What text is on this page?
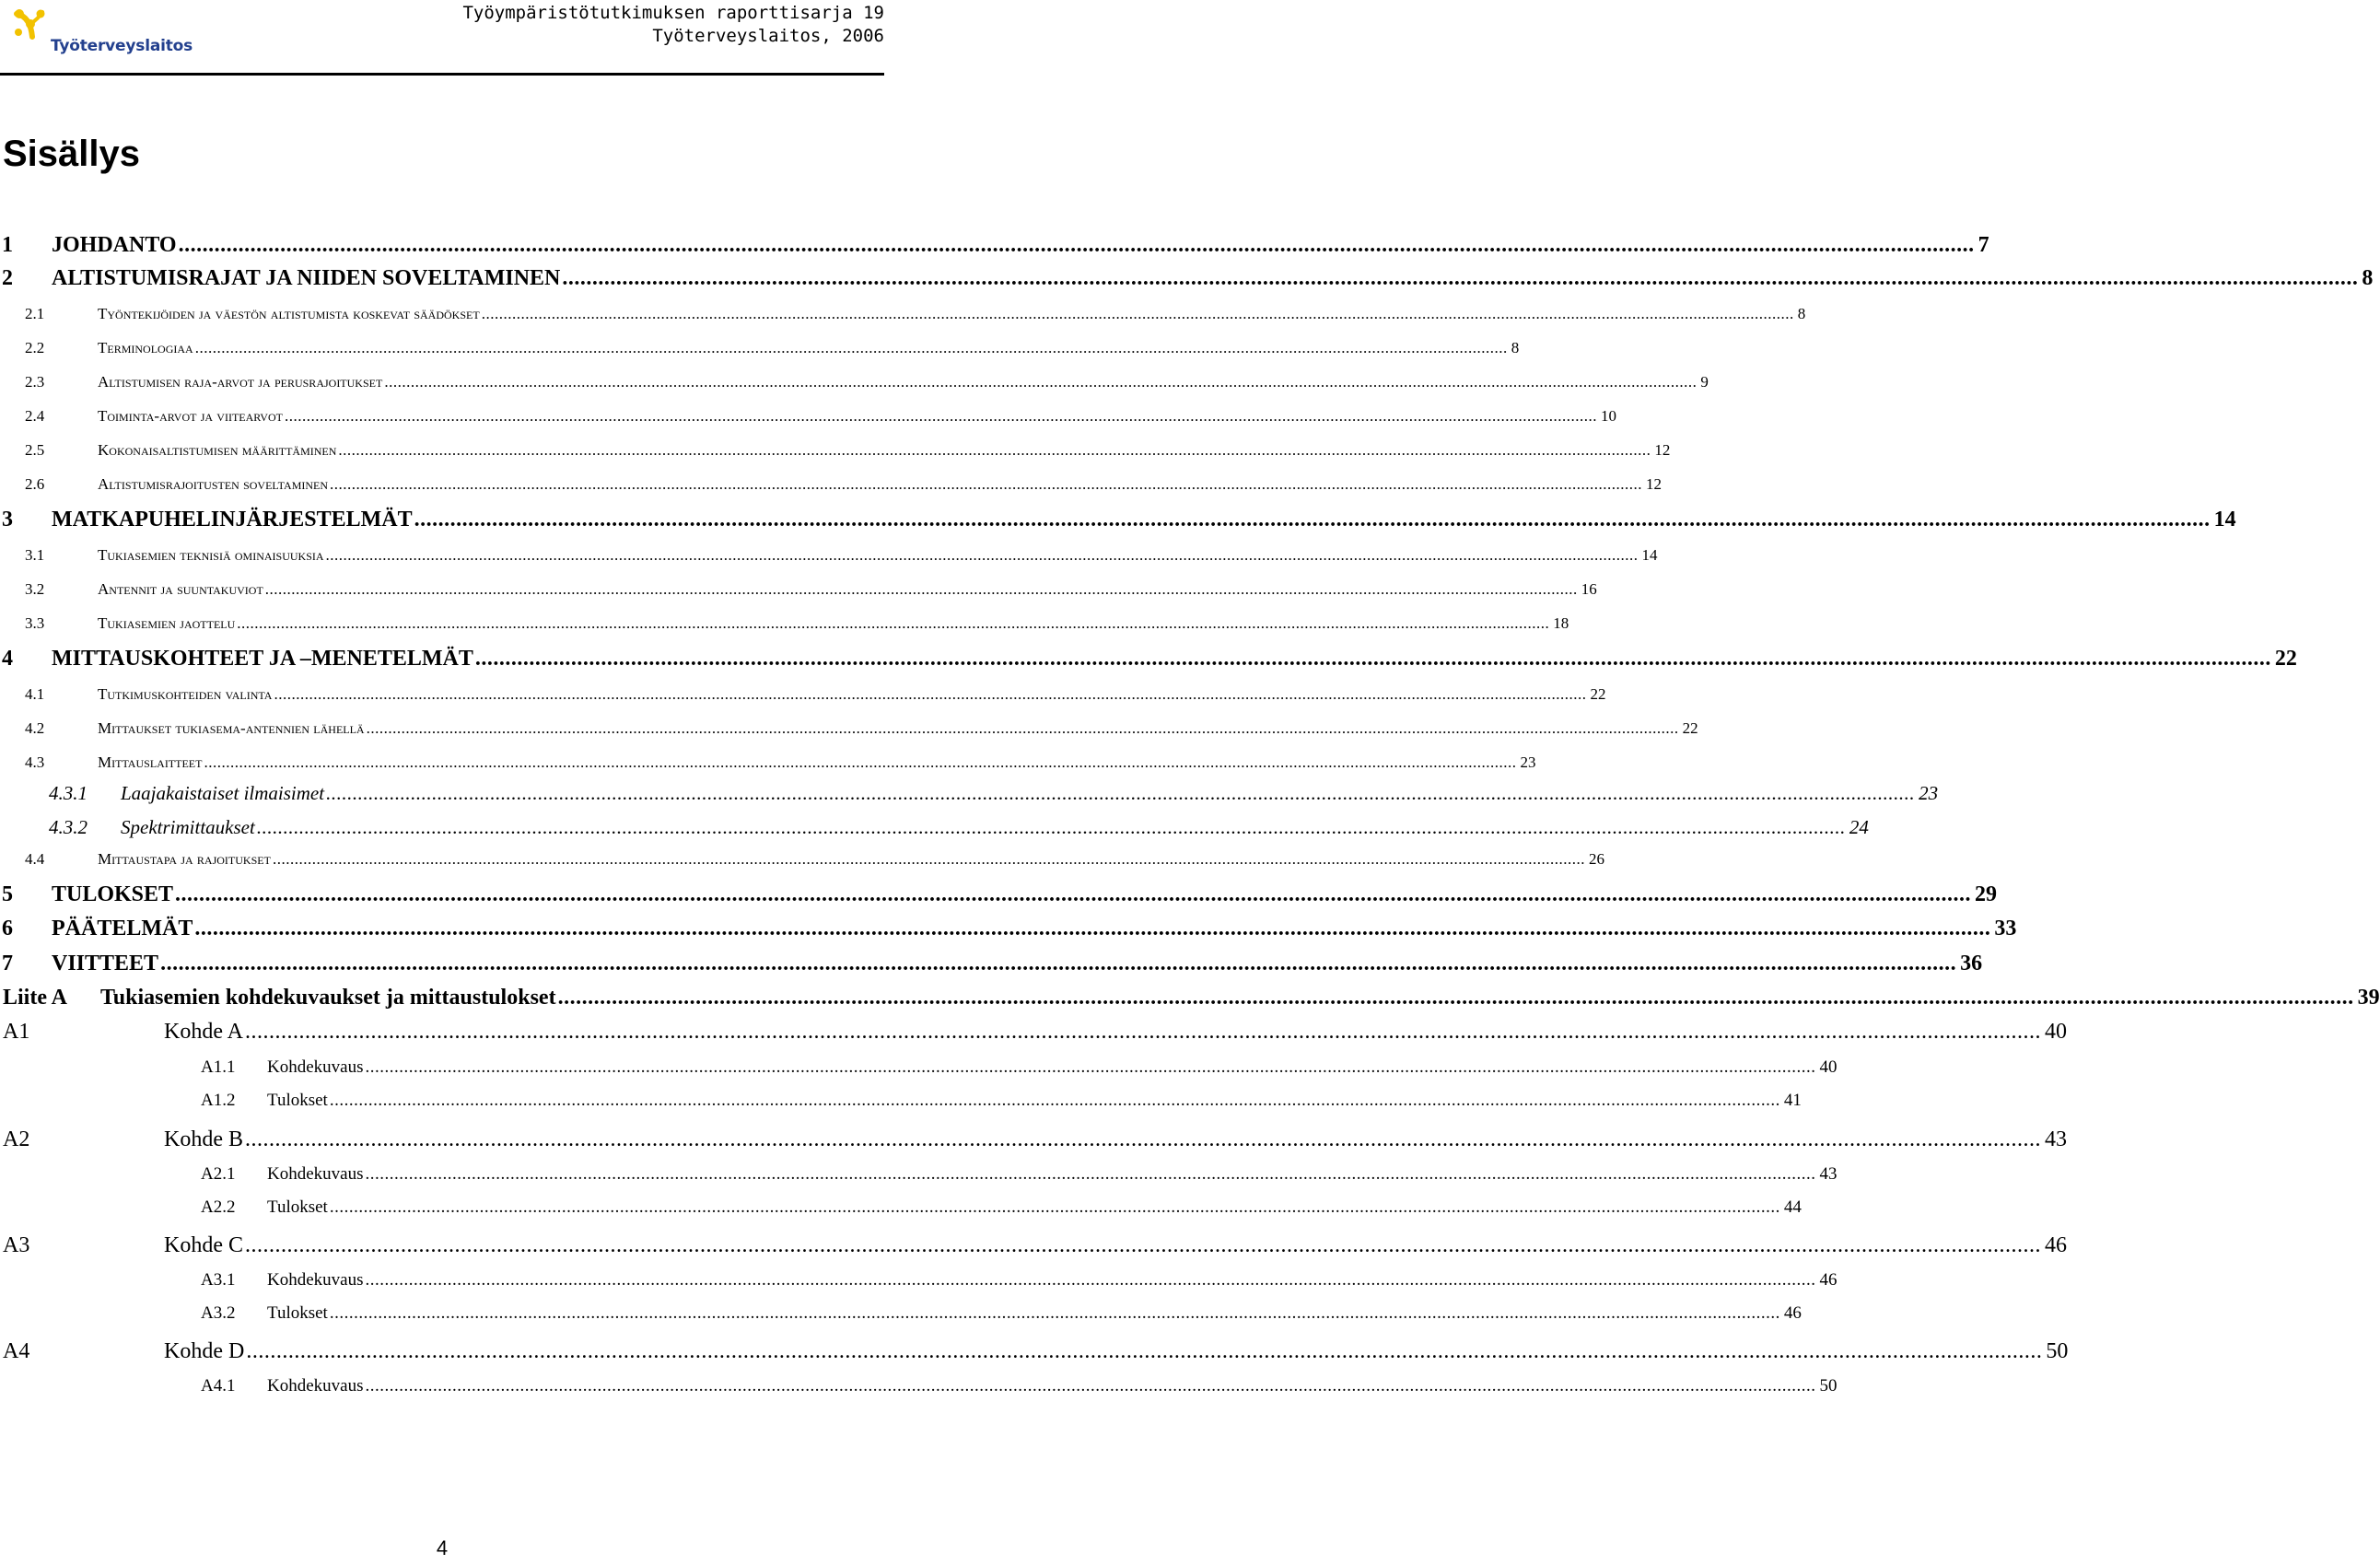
Työterveyslaitos
Työympäristötutkimuksen raporttisarja 19
Työterveyslaitos, 2006
Sisällys
1	JOHDANTO ............................................................................................................................................................................................................................................................................................................ 7
2	ALTISTUMISRAJAT JA NIIDEN SOVELTAMINEN ............................................................................................................................................................................................................................................................................................................ 8
2.1	Työntekijöiden ja väestön altistumista koskevat säädökset ............................................................................................................................................................................................................................................................................................................ 8
2.2	Terminologiaa ............................................................................................................................................................................................................................................................................................................ 8
2.3	Altistumisen raja-arvot ja perusrajoitukset ............................................................................................................................................................................................................................................................................................................ 9
2.4	Toiminta-arvot ja viitearvot ............................................................................................................................................................................................................................................................................................................ 10
2.5	Kokonaisaltistumisen määrittäminen ............................................................................................................................................................................................................................................................................................................ 12
2.6	Altistumisrajoitusten soveltaminen ............................................................................................................................................................................................................................................................................................................ 12
3	MATKAPUHELINJÄRJESTELMÄT ............................................................................................................................................................................................................................................................................................................ 14
3.1	Tukiasemien teknisiä ominaisuuksia ............................................................................................................................................................................................................................................................................................................ 14
3.2	Antennit ja suuntakuviot ............................................................................................................................................................................................................................................................................................................ 16
3.3	Tukiasemien jaottelu ............................................................................................................................................................................................................................................................................................................ 18
4	MITTAUSKOHTEET JA –MENETELMÄT ............................................................................................................................................................................................................................................................................................................ 22
4.1	Tutkimuskohteiden valinta ............................................................................................................................................................................................................................................................................................................ 22
4.2	Mittaukset tukiasema-antennien lähellä ............................................................................................................................................................................................................................................................................................................ 22
4.3	Mittauslaitteet ............................................................................................................................................................................................................................................................................................................ 23
4.3.1	Laajakaistaiset ilmaisimet ............................................................................................................................................................................................................................................................................................................ 23
4.3.2	Spektrimittaukset ............................................................................................................................................................................................................................................................................................................ 24
4.4	Mittaustapa ja rajoitukset ............................................................................................................................................................................................................................................................................................................ 26
5	TULOKSET ............................................................................................................................................................................................................................................................................................................ 29
6	PÄÄTELMÄT ............................................................................................................................................................................................................................................................................................................ 33
7	VIITTEET ............................................................................................................................................................................................................................................................................................................ 36
Liite A	Tukiasemien kohdekuvaukset ja mittaustulokset ............................................................................................................................................................................................................................................................................................................ 39
A1	Kohde A ............................................................................................................................................................................................................................................................................................................ 40
A1.1	Kohdekuvaus ............................................................................................................................................................................................................................................................................................................ 40
A1.2	Tulokset ............................................................................................................................................................................................................................................................................................................ 41
A2	Kohde B ............................................................................................................................................................................................................................................................................................................ 43
A2.1	Kohdekuvaus ............................................................................................................................................................................................................................................................................................................ 43
A2.2	Tulokset ............................................................................................................................................................................................................................................................................................................ 44
A3	Kohde C ............................................................................................................................................................................................................................................................................................................ 46
A3.1	Kohdekuvaus ............................................................................................................................................................................................................................................................................................................ 46
A3.2	Tulokset ............................................................................................................................................................................................................................................................................................................ 46
A4	Kohde D ............................................................................................................................................................................................................................................................................................................ 50
A4.1	Kohdekuvaus ............................................................................................................................................................................................................................................................................................................ 50
4
